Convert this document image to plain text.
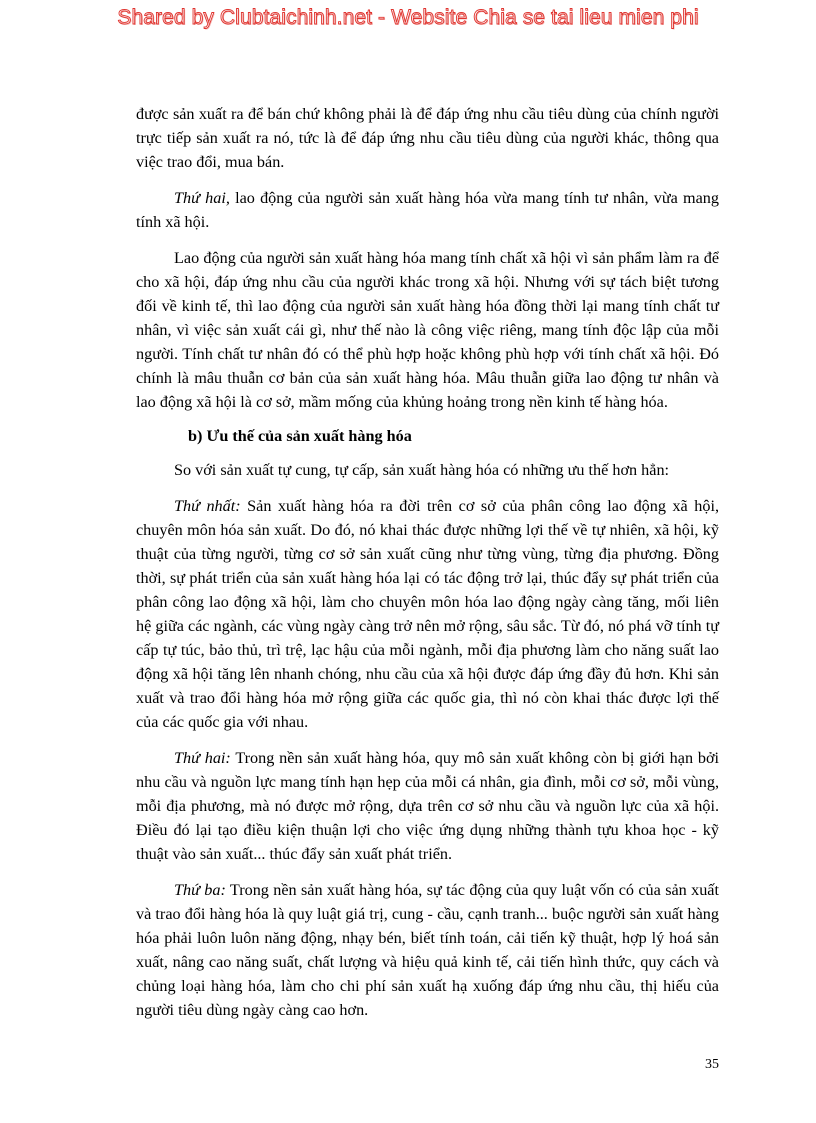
Shared by Clubtaichinh.net - Website Chia se tai lieu mien phi

được sản xuất ra để bán chứ không phải là để đáp ứng nhu cầu tiêu dùng của chính người trực tiếp sản xuất ra nó, tức là để đáp ứng nhu cầu tiêu dùng của người khác, thông qua việc trao đổi, mua bán.

Thứ hai, lao động của người sản xuất hàng hóa vừa mang tính tư nhân, vừa mang tính xã hội.

Lao động của người sản xuất hàng hóa mang tính chất xã hội vì sản phẩm làm ra để cho xã hội, đáp ứng nhu cầu của người khác trong xã hội. Nhưng với sự tách biệt tương đối về kinh tế, thì lao động của người sản xuất hàng hóa đồng thời lại mang tính chất tư nhân, vì việc sản xuất cái gì, như thế nào là công việc riêng, mang tính độc lập của mỗi người. Tính chất tư nhân đó có thể phù hợp hoặc không phù hợp với tính chất xã hội. Đó chính là mâu thuẫn cơ bản của sản xuất hàng hóa. Mâu thuẫn giữa lao động tư nhân và lao động xã hội là cơ sở, mầm mống của khủng hoảng trong nền kinh tế hàng hóa.

b) Ưu thế của sản xuất hàng hóa

So với sản xuất tự cung, tự cấp, sản xuất hàng hóa có những ưu thế hơn hẳn:

Thứ nhất: Sản xuất hàng hóa ra đời trên cơ sở của phân công lao động xã hội, chuyên môn hóa sản xuất. Do đó, nó khai thác được những lợi thế về tự nhiên, xã hội, kỹ thuật của từng người, từng cơ sở sản xuất cũng như từng vùng, từng địa phương. Đồng thời, sự phát triển của sản xuất hàng hóa lại có tác động trở lại, thúc đẩy sự phát triển của phân công lao động xã hội, làm cho chuyên môn hóa lao động ngày càng tăng, mối liên hệ giữa các ngành, các vùng ngày càng trở nên mở rộng, sâu sắc. Từ đó, nó phá vỡ tính tự cấp tự túc, bảo thủ, trì trệ, lạc hậu của mỗi ngành, mỗi địa phương làm cho năng suất lao động xã hội tăng lên nhanh chóng, nhu cầu của xã hội được đáp ứng đầy đủ hơn. Khi sản xuất và trao đổi hàng hóa mở rộng giữa các quốc gia, thì nó còn khai thác được lợi thế của các quốc gia với nhau.

Thứ hai: Trong nền sản xuất hàng hóa, quy mô sản xuất không còn bị giới hạn bởi nhu cầu và nguồn lực mang tính hạn hẹp của mỗi cá nhân, gia đình, mỗi cơ sở, mỗi vùng, mỗi địa phương, mà nó được mở rộng, dựa trên cơ sở nhu cầu và nguồn lực của xã hội. Điều đó lại tạo điều kiện thuận lợi cho việc ứng dụng những thành tựu khoa học - kỹ thuật vào sản xuất... thúc đẩy sản xuất phát triển.

Thứ ba: Trong nền sản xuất hàng hóa, sự tác động của quy luật vốn có của sản xuất và trao đổi hàng hóa là quy luật giá trị, cung - cầu, cạnh tranh... buộc người sản xuất hàng hóa phải luôn luôn năng động, nhạy bén, biết tính toán, cải tiến kỹ thuật, hợp lý hoá sản xuất, nâng cao năng suất, chất lượng và hiệu quả kinh tế, cải tiến hình thức, quy cách và chủng loại hàng hóa, làm cho chi phí sản xuất hạ xuống đáp ứng nhu cầu, thị hiếu của người tiêu dùng ngày càng cao hơn.

35
